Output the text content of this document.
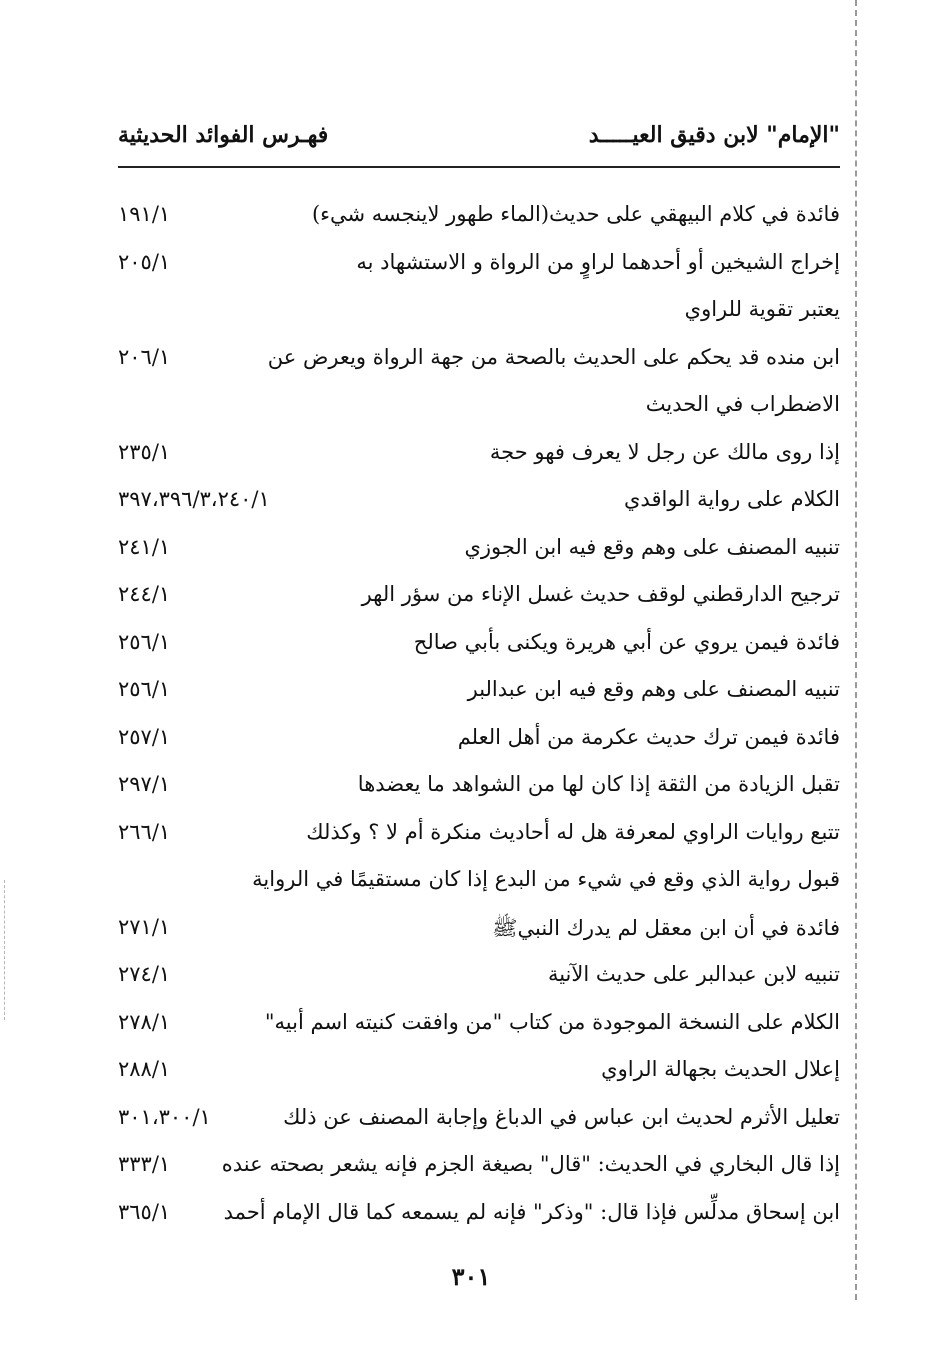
"الإمام" لابن دقيق العيـــــد
فهـرس الفوائد الحديثية
فائدة في كلام البيهقي على حديث(الماء طهور لاينجسه شيء)
١٩١/١
إخراج الشيخين أو أحدهما لراوٍ من الرواة و الاستشهاد به
٢٠٥/١
يعتبر تقوية للراوي
ابن منده قد يحكم على الحديث بالصحة من جهة الرواة ويعرض عن
٢٠٦/١
الاضطراب في الحديث
إذا روى مالك عن رجل لا يعرف فهو حجة
٢٣٥/١
الكلام على رواية الواقدي
٣٩٧،٣٩٦/٣،٢٤٠/١
تنبيه المصنف على وهم وقع فيه ابن الجوزي
٢٤١/١
ترجيح الدارقطني لوقف حديث غسل الإناء من سؤر الهر
٢٤٤/١
فائدة فيمن يروي عن أبي هريرة ويكنى بأبي صالح
٢٥٦/١
تنبيه المصنف على وهم وقع فيه ابن عبدالبر
٢٥٦/١
فائدة فيمن ترك حديث عكرمة من أهل العلم
٢٥٧/١
تقبل الزيادة من الثقة إذا كان لها من الشواهد ما يعضدها
٢٩٧/١
تتبع روايات الراوي لمعرفة هل له أحاديث منكرة أم لا ؟ وكذلك
٢٦٦/١
قبول رواية الذي وقع في شيء من البدع إذا كان مستقيمًا في الرواية
فائدة في أن ابن معقل لم يدرك النبيﷺ
٢٧١/١
تنبيه لابن عبدالبر على حديث الآنية
٢٧٤/١
الكلام على النسخة الموجودة من كتاب "من وافقت كنيته اسم أبيه"
٢٧٨/١
إعلال الحديث بجهالة الراوي
٢٨٨/١
تعليل الأثرم لحديث ابن عباس في الدباغ وإجابة المصنف عن ذلك
٣٠١،٣٠٠/١
إذا قال البخاري في الحديث: "قال" بصيغة الجزم فإنه يشعر بصحته عنده
٣٣٣/١
ابن إسحاق مدلِّس فإذا قال: "وذكر" فإنه لم يسمعه كما قال الإمام أحمد
٣٦٥/١
٣٠١
